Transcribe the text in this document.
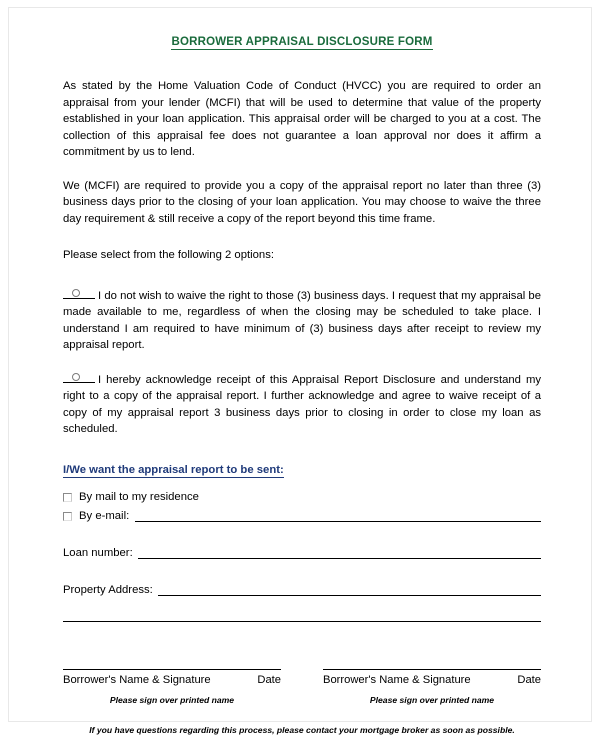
BORROWER APPRAISAL DISCLOSURE FORM

As stated by the Home Valuation Code of Conduct (HVCC) you are required to order an appraisal from your lender (MCFI) that will be used to determine that value of the property established in your loan application. This appraisal order will be charged to you at a cost. The collection of this appraisal fee does not guarantee a loan approval nor does it affirm a commitment by us to lend.

We (MCFI) are required to provide you a copy of the appraisal report no later than three (3) business days prior to the closing of your loan application. You may choose to waive the three day requirement & still receive a copy of the report beyond this time frame.

Please select from the following 2 options:

I do not wish to waive the right to those (3) business days. I request that my appraisal be made available to me, regardless of when the closing may be scheduled to take place. I understand I am required to have minimum of (3) business days after receipt to review my appraisal report.

I hereby acknowledge receipt of this Appraisal Report Disclosure and understand my right to a copy of the appraisal report. I further acknowledge and agree to waive receipt of a copy of my appraisal report 3 business days prior to closing in order to close my loan as scheduled.

I/We want the appraisal report to be sent:
By mail to my residence
By e-mail:
Loan number:
Property Address:
Borrower's Name & Signature	Date
Please sign over printed name
Borrower's Name & Signature	Date
Please sign over printed name
If you have questions regarding this process, please contact your mortgage broker as soon as possible.
